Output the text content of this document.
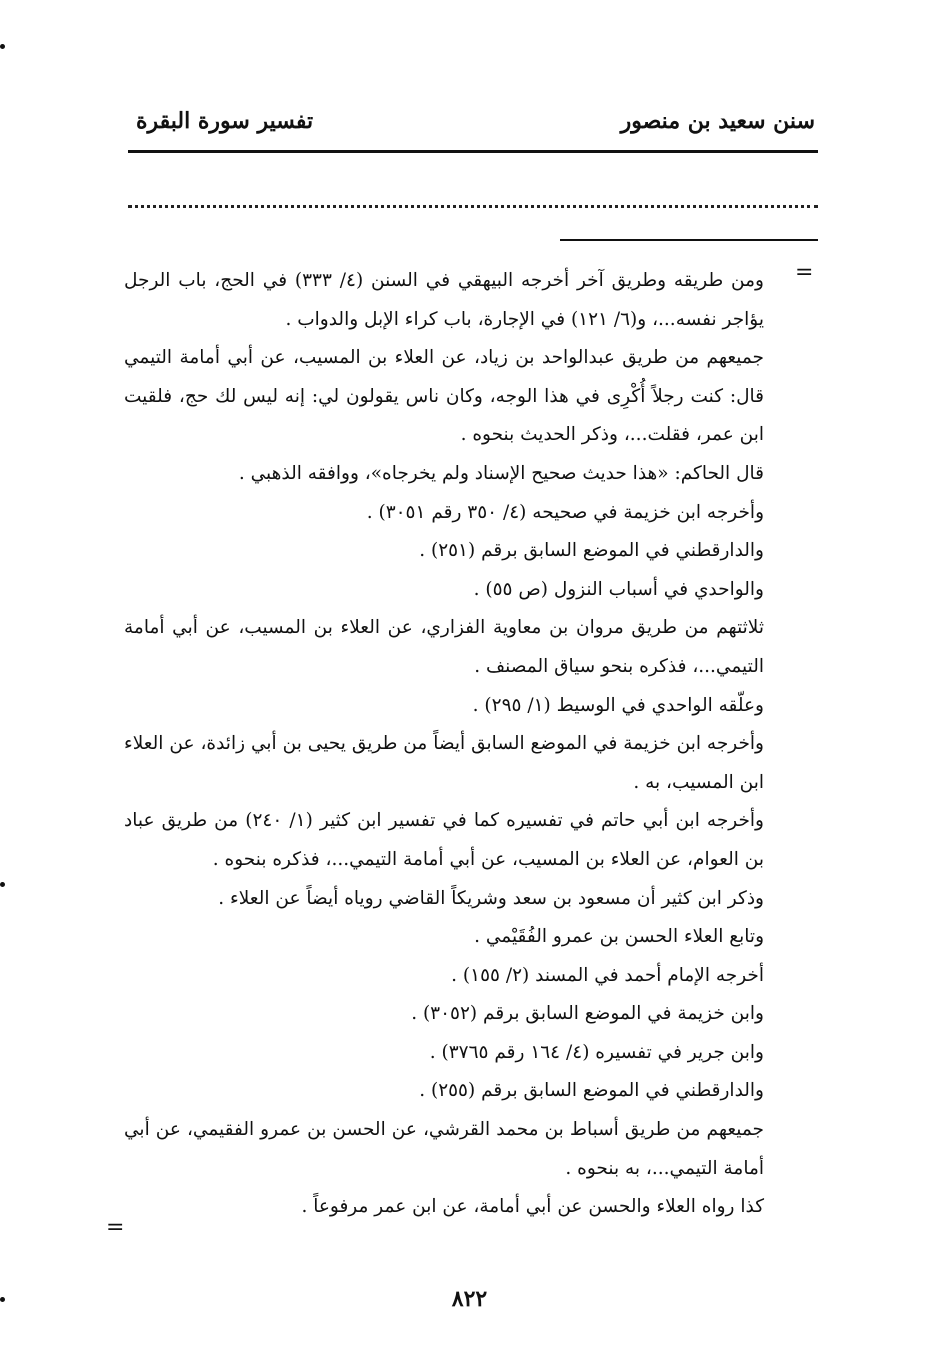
سنن سعيد بن منصور
تفسير سورة البقرة
=

ومن طريقه وطريق آخر أخرجه البيهقي في السنن (٤/ ٣٣٣) في الحج، باب الرجل يؤاجر نفسه...، و(٦/ ١٢١) في الإجارة، باب كراء الإبل والدواب .

جميعهم من طريق عبدالواحد بن زياد، عن العلاء بن المسيب، عن أبي أمامة التيمي قال: كنت رجلاً أُكْرِى في هذا الوجه، وكان ناس يقولون لي: إنه ليس لك حج، فلقيت ابن عمر، فقلت...، وذكر الحديث بنحوه .

قال الحاكم: «هذا حديث صحيح الإسناد ولم يخرجاه»، ووافقه الذهبي .

وأخرجه ابن خزيمة في صحيحه (٤/ ٣٥٠ رقم ٣٠٥١) .

والدارقطني في الموضع السابق برقم (٢٥١) .

والواحدي في أسباب النزول (ص ٥٥) .

ثلاثتهم من طريق مروان بن معاوية الفزاري، عن العلاء بن المسيب، عن أبي أمامة التيمي...، فذكره بنحو سياق المصنف .

وعلّقه الواحدي في الوسيط (١/ ٢٩٥) .

وأخرجه ابن خزيمة في الموضع السابق أيضاً من طريق يحيى بن أبي زائدة، عن العلاء ابن المسيب، به .

وأخرجه ابن أبي حاتم في تفسيره كما في تفسير ابن كثير (١/ ٢٤٠) من طريق عباد بن العوام، عن العلاء بن المسيب، عن أبي أمامة التيمي...، فذكره بنحوه .

وذكر ابن كثير أن مسعود بن سعد وشريكاً القاضي روياه أيضاً عن العلاء .

وتابع العلاء الحسن بن عمرو الفُقَيْمي .

أخرجه الإمام أحمد في المسند (٢/ ١٥٥) .

وابن خزيمة في الموضع السابق برقم (٣٠٥٢) .

وابن جرير في تفسيره (٤/ ١٦٤ رقم ٣٧٦٥) .

والدارقطني في الموضع السابق برقم (٢٥٥) .

جميعهم من طريق أسباط بن محمد القرشي، عن الحسن بن عمرو الفقيمي، عن أبي أمامة التيمي...، به بنحوه .

كذا رواه العلاء والحسن عن أبي أمامة، عن ابن عمر مرفوعاً .

=
٨٢٢
